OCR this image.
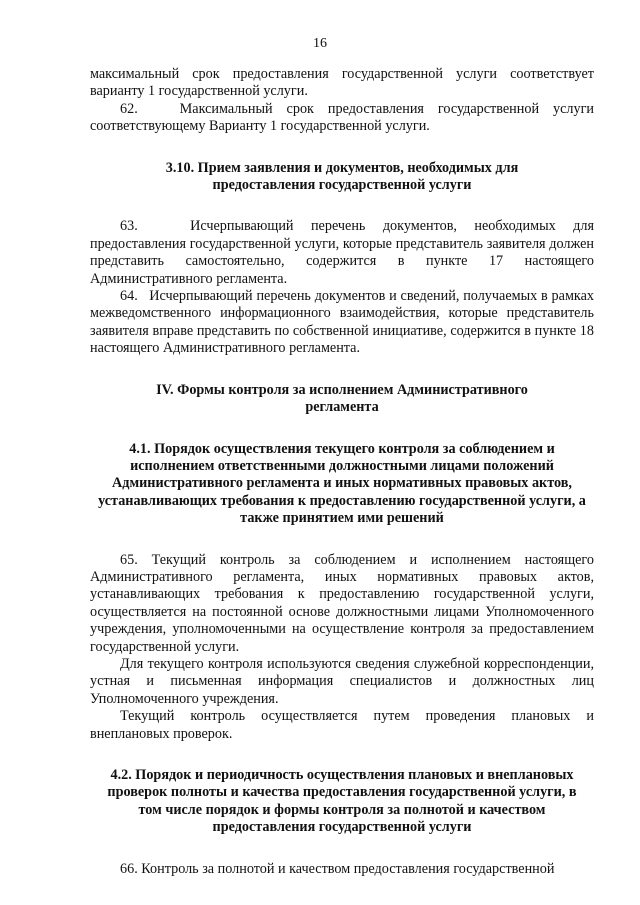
16

максимальный срок предоставления государственной услуги соответствует варианту 1 государственной услуги.

62.   Максимальный срок предоставления государственной услуги соответствующему Варианту 1 государственной услуги.

3.10. Прием заявления и документов, необходимых для предоставления государственной услуги

63.   Исчерпывающий перечень документов, необходимых для предоставления государственной услуги, которые представитель заявителя должен представить самостоятельно, содержится в пункте 17 настоящего Административного регламента.

64.   Исчерпывающий перечень документов и сведений, получаемых в рамках межведомственного информационного взаимодействия, которые представитель заявителя вправе представить по собственной инициативе, содержится в пункте 18 настоящего Административного регламента.

IV. Формы контроля за исполнением Административного регламента
4.1. Порядок осуществления текущего контроля за соблюдением и исполнением ответственными должностными лицами положений Административного регламента и иных нормативных правовых актов, устанавливающих требования к предоставлению государственной услуги, а также принятием ими решений

65. Текущий контроль за соблюдением и исполнением настоящего Административного регламента, иных нормативных правовых актов, устанавливающих требования к предоставлению государственной услуги, осуществляется на постоянной основе должностными лицами Уполномоченного учреждения, уполномоченными на осуществление контроля за предоставлением государственной услуги.

Для текущего контроля используются сведения служебной корреспонденции, устная и письменная информация специалистов и должностных лиц Уполномоченного учреждения.

Текущий контроль осуществляется путем проведения плановых и внеплановых проверок.

4.2. Порядок и периодичность осуществления плановых и внеплановых проверок полноты и качества предоставления государственной услуги, в том числе порядок и формы контроля за полнотой и качеством предоставления государственной услуги

66. Контроль за полнотой и качеством предоставления государственной
